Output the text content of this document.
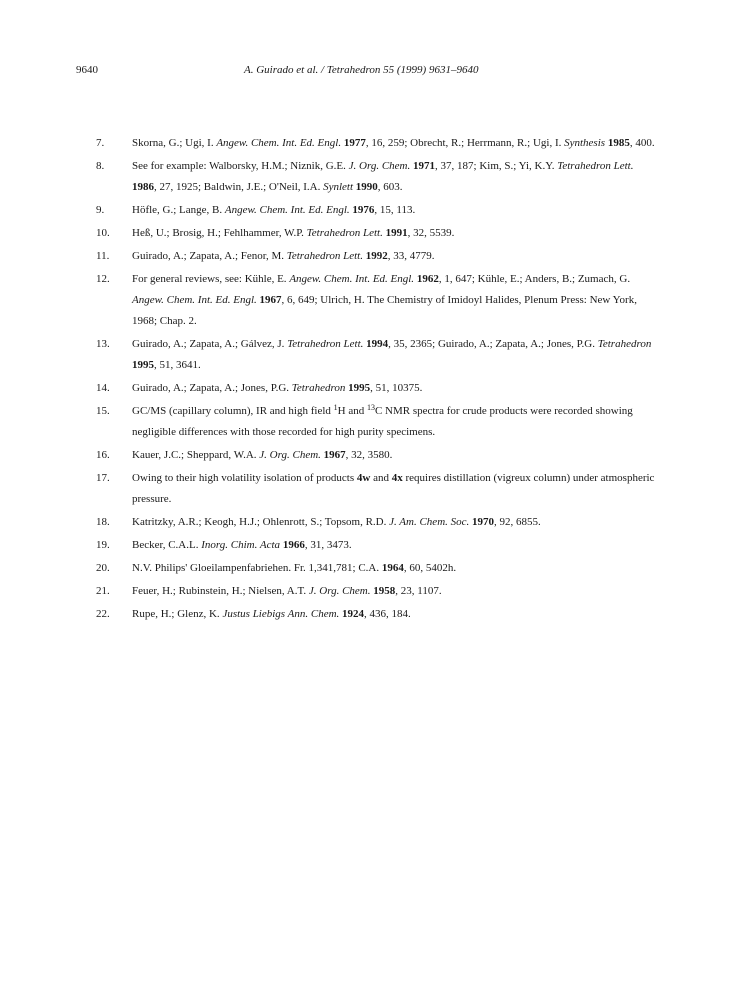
9640	A. Guirado et al. / Tetrahedron 55 (1999) 9631–9640
7.	Skorna, G.; Ugi, I. Angew. Chem. Int. Ed. Engl. 1977, 16, 259; Obrecht, R.; Herrmann, R.; Ugi, I. Synthesis 1985, 400.
8.	See for example: Walborsky, H.M.; Niznik, G.E. J. Org. Chem. 1971, 37, 187; Kim, S.; Yi, K.Y. Tetrahedron Lett. 1986, 27, 1925; Baldwin, J.E.; O'Neil, I.A. Synlett 1990, 603.
9.	Höfle, G.; Lange, B. Angew. Chem. Int. Ed. Engl. 1976, 15, 113.
10. Heß, U.; Brosig, H.; Fehlhammer, W.P. Tetrahedron Lett. 1991, 32, 5539.
11. Guirado, A.; Zapata, A.; Fenor, M. Tetrahedron Lett. 1992, 33, 4779.
12. For general reviews, see: Kühle, E. Angew. Chem. Int. Ed. Engl. 1962, 1, 647; Kühle, E.; Anders, B.; Zumach, G. Angew. Chem. Int. Ed. Engl. 1967, 6, 649; Ulrich, H. The Chemistry of Imidoyl Halides, Plenum Press: New York, 1968; Chap. 2.
13. Guirado, A.; Zapata, A.; Gálvez, J. Tetrahedron Lett. 1994, 35, 2365; Guirado, A.; Zapata, A.; Jones, P.G. Tetrahedron 1995, 51, 3641.
14. Guirado, A.; Zapata, A.; Jones, P.G. Tetrahedron 1995, 51, 10375.
15. GC/MS (capillary column), IR and high field $^1$H and $^{13}$C NMR spectra for crude products were recorded showing negligible differences with those recorded for high purity specimens.
16. Kauer, J.C.; Sheppard, W.A. J. Org. Chem. 1967, 32, 3580.
17. Owing to their high volatility isolation of products 4w and 4x requires distillation (vigreux column) under atmospheric pressure.
18. Katritzky, A.R.; Keogh, H.J.; Ohlenrott, S.; Topsom, R.D. J. Am. Chem. Soc. 1970, 92, 6855.
19. Becker, C.A.L. Inorg. Chim. Acta 1966, 31, 3473.
20. N.V. Philips' Gloeilampenfabriehen. Fr. 1,341,781; C.A. 1964, 60, 5402h.
21. Feuer, H.; Rubinstein, H.; Nielsen, A.T. J. Org. Chem. 1958, 23, 1107.
22. Rupe, H.; Glenz, K. Justus Liebigs Ann. Chem. 1924, 436, 184.
